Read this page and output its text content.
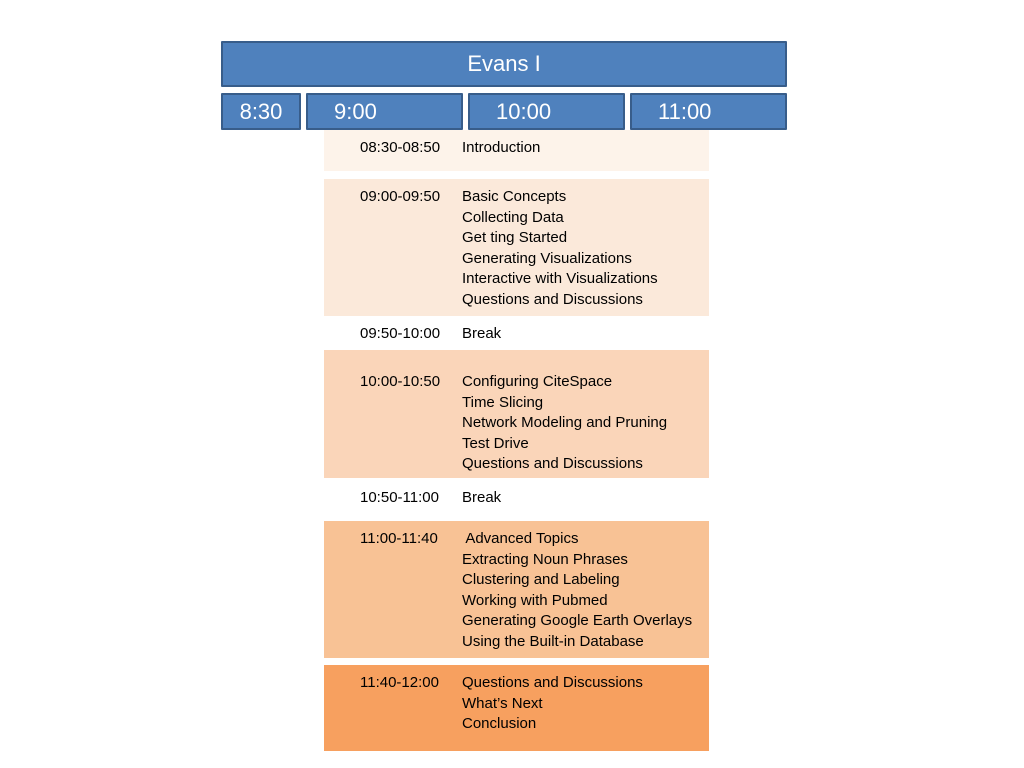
Evans I
8:30 9:00	10:00	11:00
08:30-08:50 Introduction
09:00-09:50 Basic Concepts
Collecting Data
Get ting Started
Generating Visualizations
Interactive with Visualizations
Questions and Discussions
09:50-10:00 Break
10:00-10:50 Configuring CiteSpace
Time Slicing
Network Modeling and Pruning
Test Drive
Questions and Discussions
10:50-11:00 Break
11:00-11:40 Advanced Topics
Extracting Noun Phrases
Clustering and Labeling
Working with Pubmed
Generating Google Earth Overlays
Using the Built-in Database
11:40-12:00 Questions and Discussions
What’s Next
Conclusion
